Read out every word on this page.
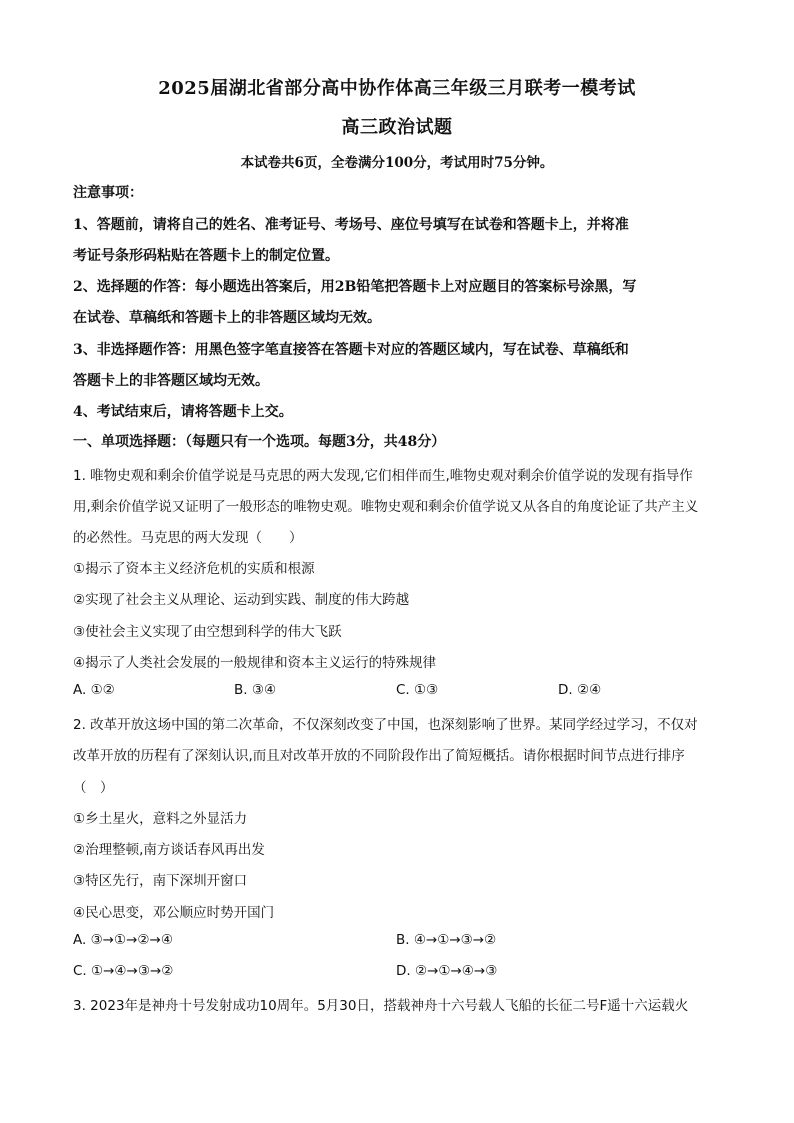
2025届湖北省部分高中协作体高三年级三月联考一模考试
高三政治试题
本试卷共6页，全卷满分100分，考试用时75分钟。
注意事项：
1、答题前，请将自己的姓名、准考证号、考场号、座位号填写在试卷和答题卡上，并将准
考证号条形码粘贴在答题卡上的制定位置。
2、选择题的作答：每小题选出答案后，用2B铅笔把答题卡上对应题目的答案标号涂黑，写
在试卷、草稿纸和答题卡上的非答题区域均无效。
3、非选择题作答：用黑色签字笔直接答在答题卡对应的答题区域内，写在试卷、草稿纸和
答题卡上的非答题区域均无效。
4、考试结束后，请将答题卡上交。
一、单项选择题：（每题只有一个选项。每题3分，共48分）
1. 唯物史观和剩余价值学说是马克思的两大发现,它们相伴而生,唯物史观对剩余价值学说的发现有指导作
用,剩余价值学说又证明了一般形态的唯物史观。唯物史观和剩余价值学说又从各自的角度论证了共产主义
的必然性。马克思的两大发现（　　）
①揭示了资本主义经济危机的实质和根源
②实现了社会主义从理论、运动到实践、制度的伟大跨越
③使社会主义实现了由空想到科学的伟大飞跃
④揭示了人类社会发展的一般规律和资本主义运行的特殊规律
A. ①②	B. ③④	C. ①③	D. ②④
2. 改革开放这场中国的第二次革命，不仅深刻改变了中国，也深刻影响了世界。某同学经过学习，不仅对
改革开放的历程有了深刻认识,而且对改革开放的不同阶段作出了简短概括。请你根据时间节点进行排序
（　）
①乡土星火，意料之外显活力
②治理整顿,南方谈话春风再出发
③特区先行，南下深圳开窗口
④民心思变，邓公顺应时势开国门
A. ③→①→②→④	B. ④→①→③→②
C. ①→④→③→②	D. ②→①→④→③
3. 2023年是神舟十号发射成功10周年。5月30日，搭载神舟十六号载人飞船的长征二号F遥十六运载火
